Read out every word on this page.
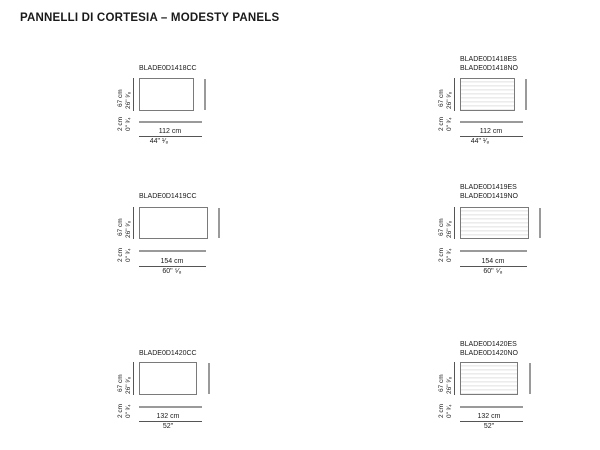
PANNELLI DI CORTESIA – MODESTY PANELS
BLADE0D1418CC
67 cm 26" ³⁄₈
2 cm 0" ³⁄₄
112 cm
44" ¹⁄₈
BLADE0D1418ES
BLADE0D1418NO
67 cm 26" ³⁄₈
2 cm 0" ³⁄₄
112 cm
44" ¹⁄₈
BLADE0D1419CC
67 cm 26" ³⁄₈
2 cm 0" ³⁄₄	154 cm
60" ⁵⁄₈
BLADE0D1419ES
BLADE0D1419NO
67 cm 26" ³⁄₈
2 cm 0" ³⁄₄	154 cm
60" ⁵⁄₈
BLADE0D1420CC
67 cm 26" ³⁄₈
2 cm 0" ³⁄₄	132 cm
52"
BLADE0D1420ES
BLADE0D1420NO
67 cm 26" ³⁄₈
2 cm 0" ³⁄₄	132 cm
52"
